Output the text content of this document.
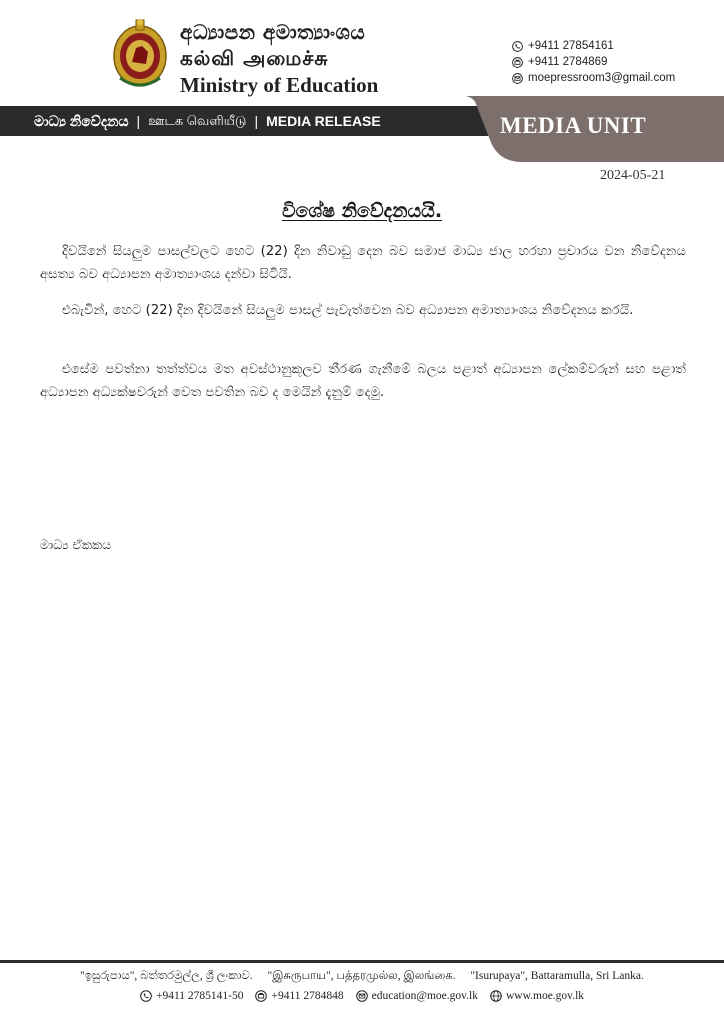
අධ්‍යාපන අමාත්‍යාංශය
கல்வி அமைச்சு
Ministry of Education
+9411 27854161
+9411 2784869
moepressroom3@gmail.com
මාධ්‍ය නිවේදනය | ஊடக வெளியீடு | MEDIA RELEASE	MEDIA UNIT
2024-05-21
විශේෂ නිවේදනයයි.

දිවයිනේ සියලුම පාසල්වලට හෙට (22) දින නිවාඩු දෙන බව සමාජ මාධ්‍ය ජාල හරහා ප්‍රචාරය වන නිවේදනය අසත්‍ය බව අධ්‍යාපන අමාත්‍යාංශය දන්වා සිටියි.

එබැවින්, හෙට (22) දින දිවයිනේ සියලුම පාසල් පැවැත්වෙන බව අධ්‍යාපන අමාත්‍යාංශය නිවේදනය කරයි.

එසේම පවත්නා තත්ත්වය මත අවස්ථානුකූලව තීරණ ගැනීමේ බලය පළාත් අධ්‍යාපන ලේකම්වරුන් සහ පළාත් අධ්‍යාපන අධ්‍යක්ෂවරුන් වෙත පවතින බව ද මෙයින් දැනුම් දෙමු.

මාධ්‍ය ඒකකය
"ඉසුරුපාය", බත්තරමුල්ල, ශ්‍රී ලංකාව. "இசுருபாய", பத்தரமுல்ல, இலங்கை. "Isurupaya", Battaramulla, Sri Lanka.
+9411 2785141-50 +9411 2784848 education@moe.gov.lk www.moe.gov.lk
